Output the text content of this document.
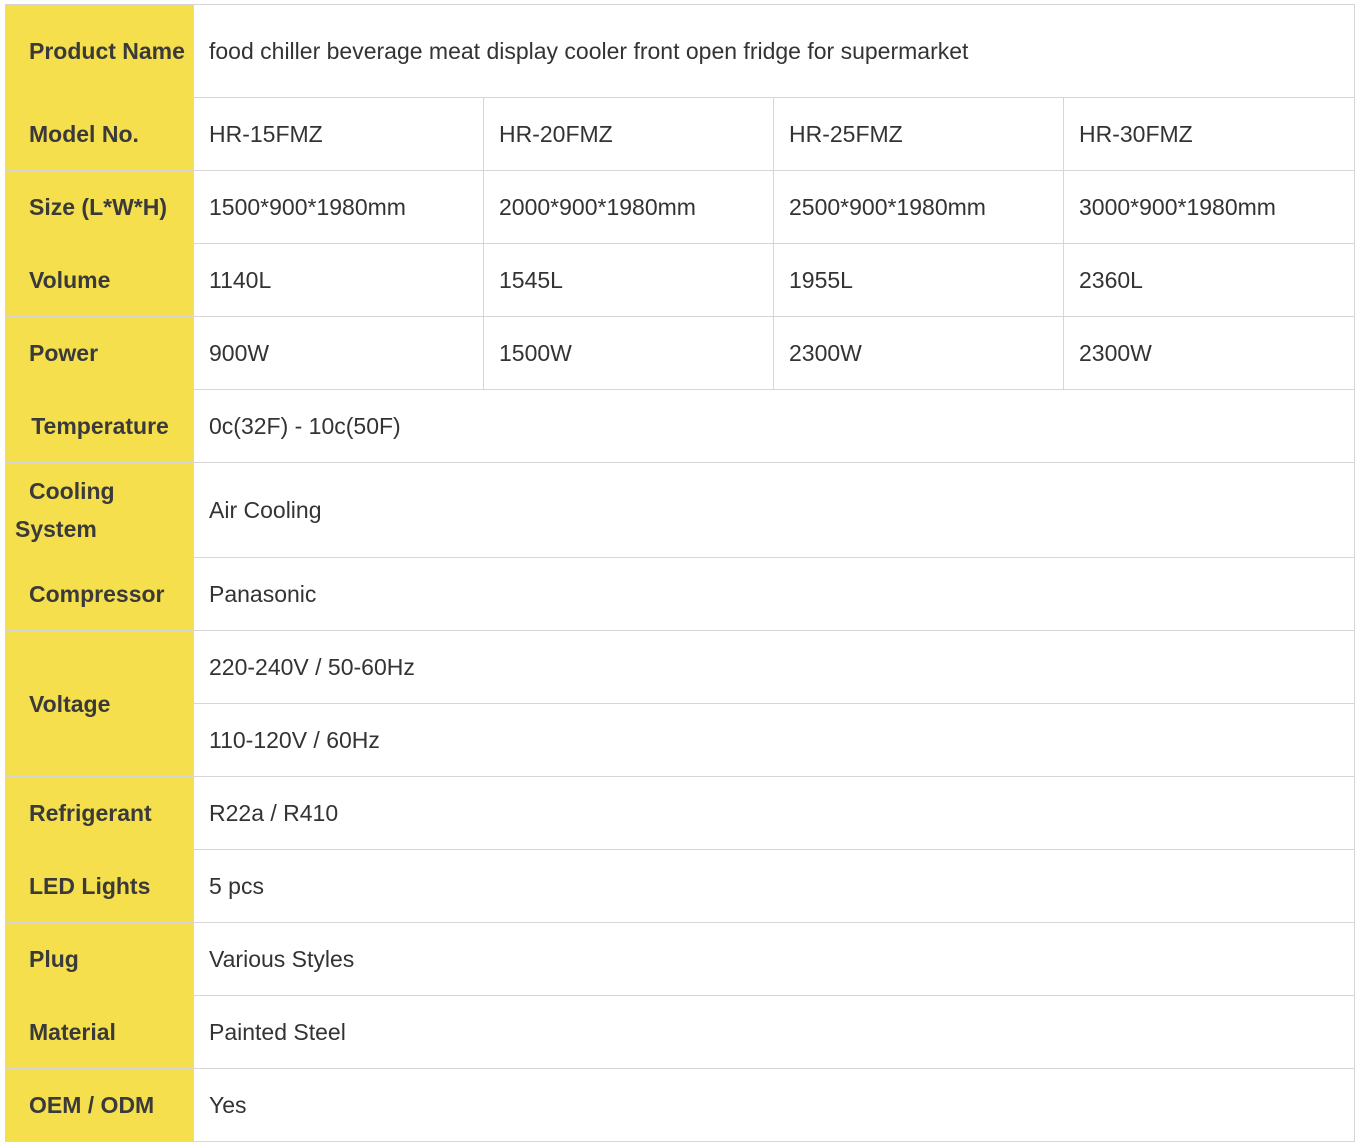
Product Name	food chiller beverage meat display cooler front open fridge for supermarket			
Model No.	HR-15FMZ	HR-20FMZ	HR-25FMZ	HR-30FMZ
Size (L*W*H)	1500*900*1980mm	2000*900*1980mm	2500*900*1980mm	3000*900*1980mm
Volume	1140L	1545L	1955L	2360L
Power	900W	1500W	2300W	2300W
Temperature	0c(32F) - 10c(50F)			

Cooling System	Air Cooling			
Compressor	Panasonic			
Voltage	220-240V / 50-60Hz			
	110-120V / 60Hz			
Refrigerant	R22a / R410			
LED Lights	5 pcs			
Plug	Various Styles			
Material	Painted Steel			
OEM / ODM	Yes			
